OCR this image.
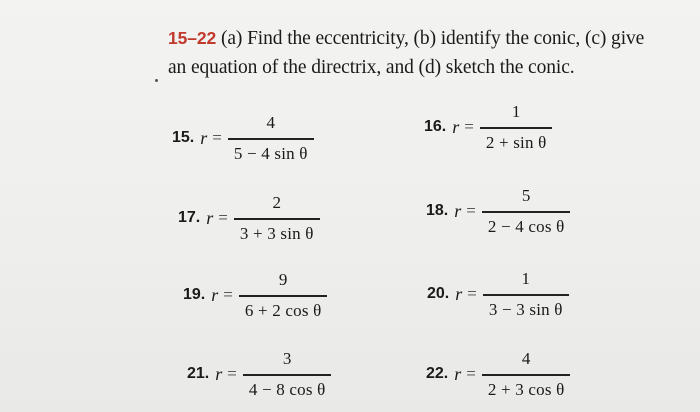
15–22 (a) Find the eccentricity, (b) identify the conic, (c) give
an equation of the directrix, and (d) sketch the conic.
15. $r = \frac{4}{\text{5 − 4 sin θ}}$	16. $r = \frac{1}{\text{2 + sin θ}}$
17. $r = \frac{2}{\text{3 + 3 sin θ}}$	18. $r = \frac{5}{\text{2 − 4 cos θ}}$
19. $r = \frac{9}{\text{6 + 2 cos θ}}$	20. $r = \frac{1}{\text{3 − 3 sin θ}}$
21. $r = \frac{3}{\text{4 − 8 cos θ}}$	22. $r = \frac{4}{\text{2 + 3 cos θ}}$
